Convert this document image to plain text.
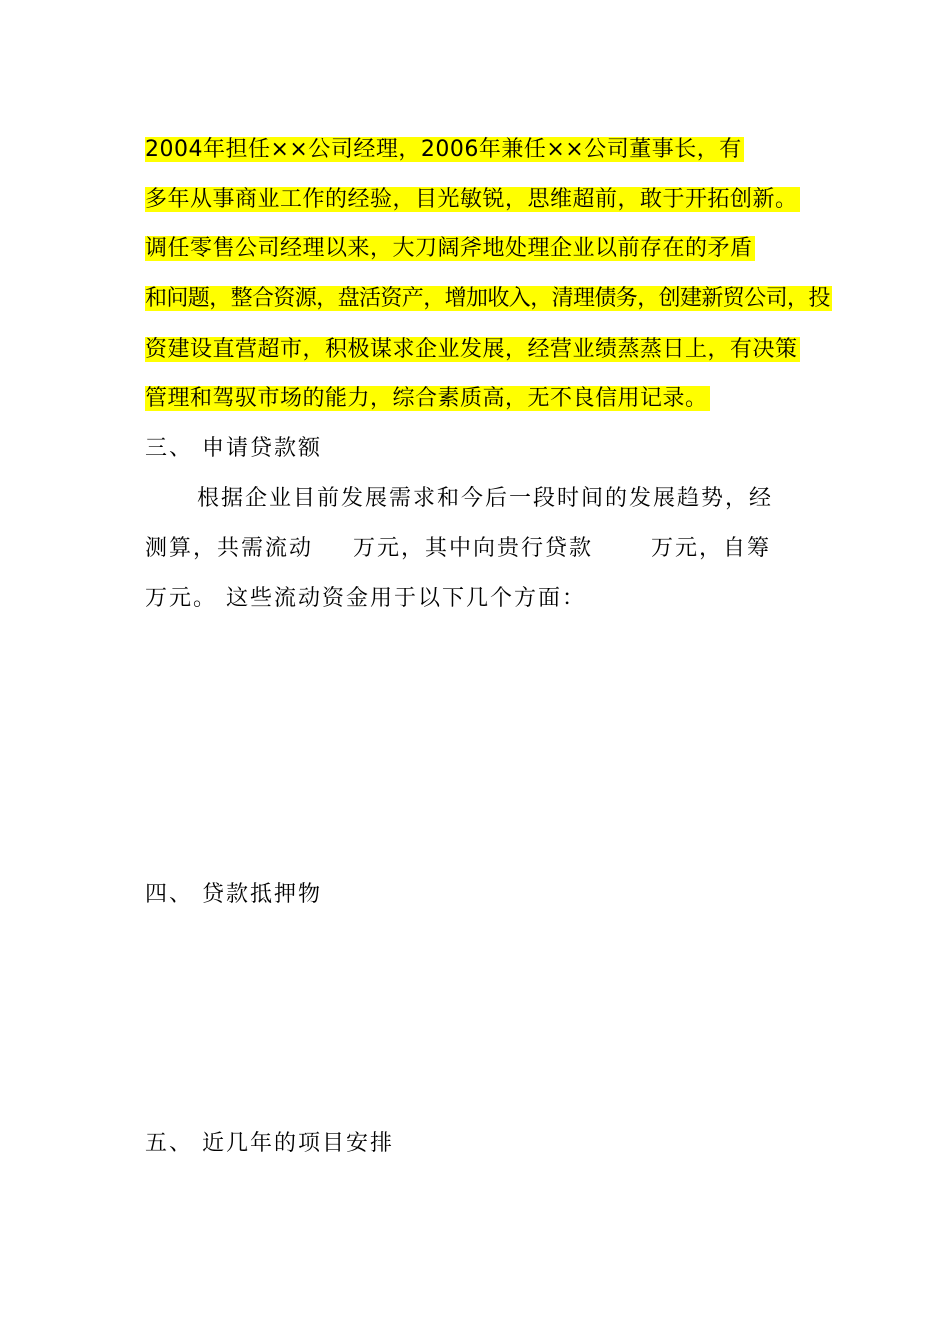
2004年担任××公司经理，2006年兼任××公司董事长，有
多年从事商业工作的经验，目光敏锐，思维超前，敢于开拓创新。
调任零售公司经理以来，大刀阔斧地处理企业以前存在的矛盾
和问题，整合资源，盘活资产，增加收入，清理债务，创建新贸公司，投
资建设直营超市，积极谋求企业发展，经营业绩蒸蒸日上，有决策
管理和驾驭市场的能力，综合素质高，无不良信用记录。
三、 申请贷款额
根据企业目前发展需求和今后一段时间的发展趋势，经
测算，共需流动 万元，其中向贵行贷款	万元，自筹
万元。 这些流动资金用于以下几个方面：
四、 贷款抵押物
五、 近几年的项目安排
